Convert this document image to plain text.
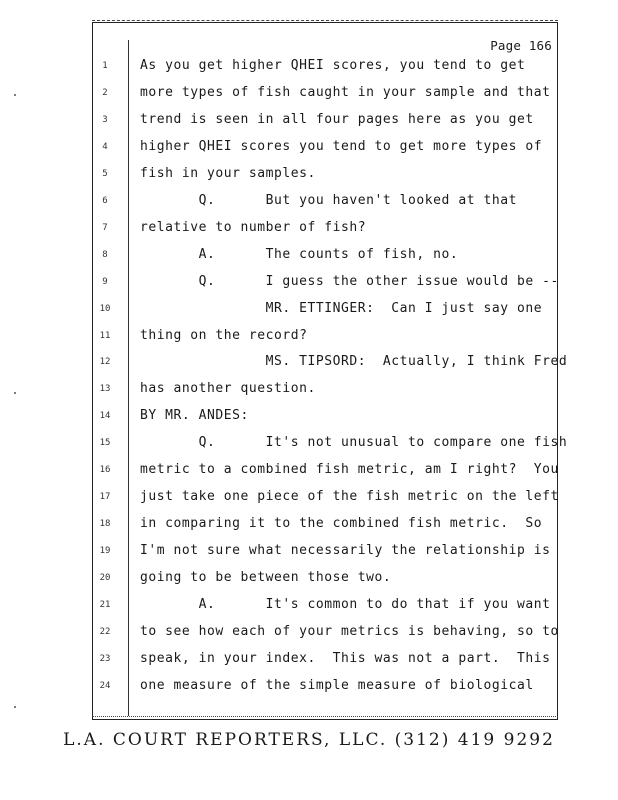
Page 166
1	As you get higher QHEI scores, you tend to get
2	more types of fish caught in your sample and that
3	trend is seen in all four pages here as you get
4	higher QHEI scores you tend to get more types of
5	fish in your samples.
6	Q.      But you haven't looked at that
7	relative to number of fish?
8	A.      The counts of fish, no.
9	Q.      I guess the other issue would be --
10 MR. ETTINGER:  Can I just say one
11 thing on the record?
12 MS. TIPSORD:  Actually, I think Fred
13 has another question.
14 BY MR. ANDES:
15 Q.      It's not unusual to compare one fish
16 metric to a combined fish metric, am I right?  You
17 just take one piece of the fish metric on the left
18 in comparing it to the combined fish metric.  So
19 I'm not sure what necessarily the relationship is
20 going to be between those two.
21 A.      It's common to do that if you want
22 to see how each of your metrics is behaving, so to
23 speak, in your index.  This was not a part.  This
24 one measure of the simple measure of biological
L.A. COURT REPORTERS, LLC. (312) 419 9292
